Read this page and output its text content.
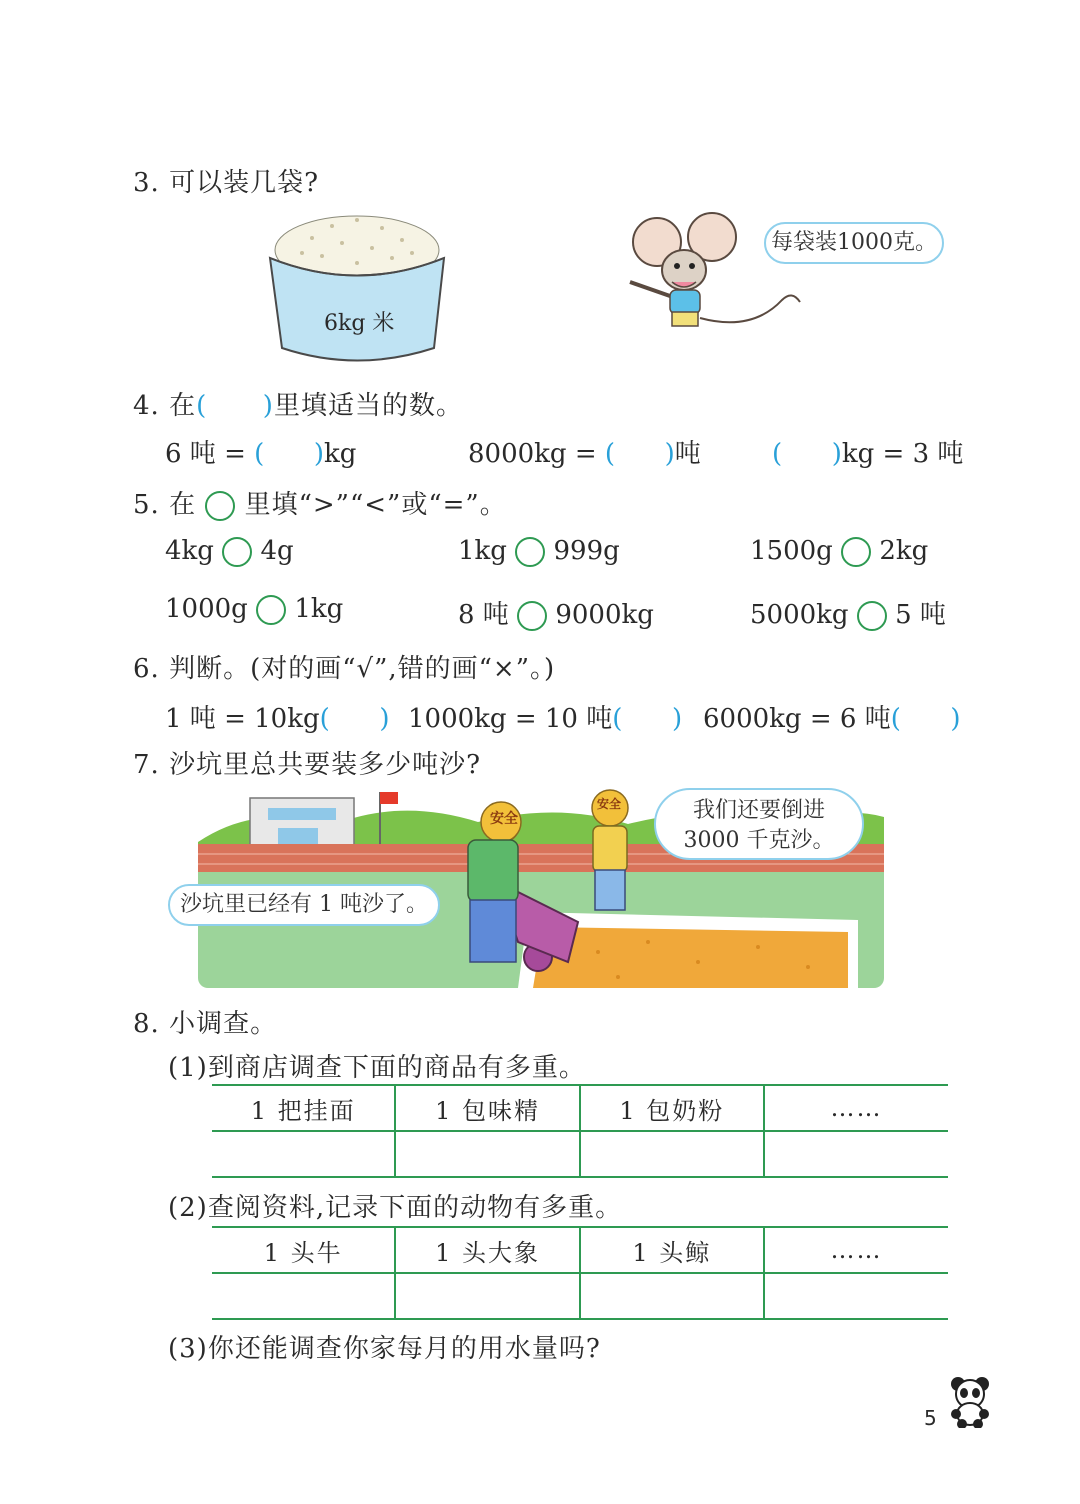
3. 可以装几袋?
6kg 米
每袋装1000克。
4. 在(      )里填适当的数。
6 吨 = (      )kg	8000kg = (      )吨	(      )kg = 3 吨
5. 在 里填“>”“<”或“=”。
4kg 4g	1kg 999g	1500g 2kg
1000g 1kg	8 吨 9000kg	5000kg 5 吨
6. 判断。(对的画“√”,错的画“×”。)
1 吨 = 10kg(      ) 1000kg = 10 吨(      ) 6000kg = 6 吨(      )
7. 沙坑里总共要装多少吨沙?
安全
安全	我们还要倒进
3000 千克沙。
沙坑里已经有 1 吨沙了。
8. 小调查。
(1)到商店调查下面的商品有多重。
1 把挂面	1 包味精	1 包奶粉	……

(2)查阅资料,记录下面的动物有多重。
1 头牛	1 头大象	1 头鲸	……

(3)你还能调查你家每月的用水量吗?
5
